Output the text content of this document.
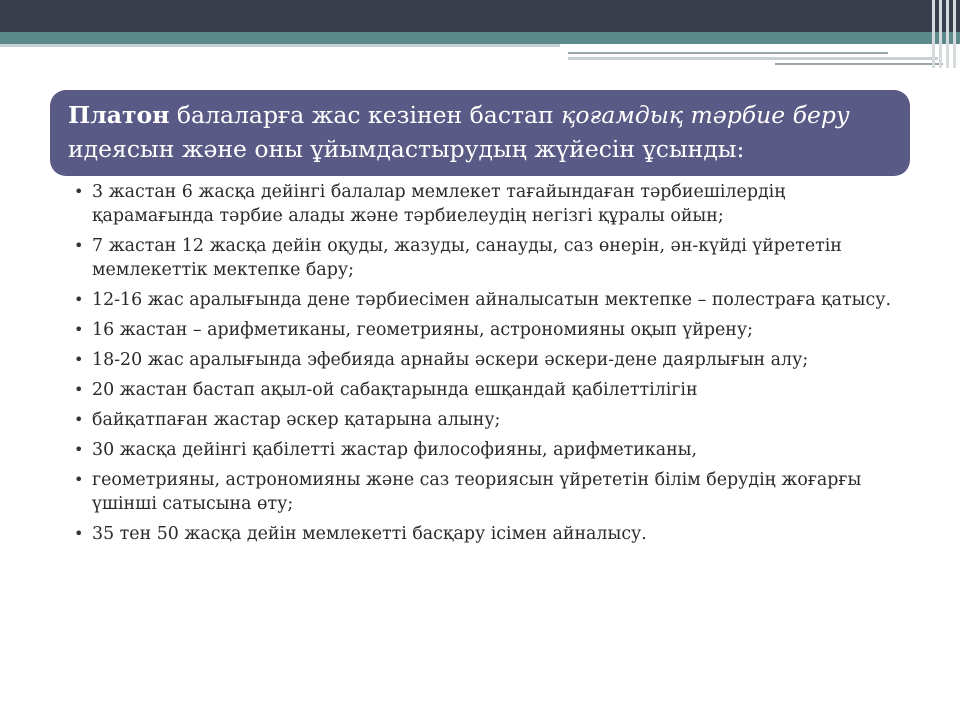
Платон балаларға жас кезінен бастап қоғамдық тәрбие беру идеясын және оны ұйымдастырудың жүйесін ұсынды:
• 3 жастан 6 жасқа дейінгі балалар мемлекет тағайындаған тәрбиешілердің қарамағында тәрбие алады және тәрбиелеудің негізгі құралы ойын;
• 7 жастан 12 жасқа дейін оқуды, жазуды, санауды, саз өнерін, ән-күйді үйрететін мемлекеттік мектепке бару;
• 12-16 жас аралығында дене тәрбиесімен айналысатын мектепке – полестраға қатысу.
• 16 жастан – арифметиканы, геометрияны, астрономияны оқып үйрену;
• 18-20 жас аралығында эфебияда арнайы әскери әскери-дене даярлығын алу;
• 20 жастан бастап ақыл-ой сабақтарында ешқандай қабілеттілігін
• байқатпаған жастар әскер қатарына алыну;
• 30 жасқа дейінгі қабілетті жастар философияны, арифметиканы,
• геометрияны, астрономияны және саз теориясын үйрететін білім берудің жоғарғы үшінші сатысына өту;
• 35 тен 50 жасқа дейін мемлекетті басқару ісімен айналысу.
